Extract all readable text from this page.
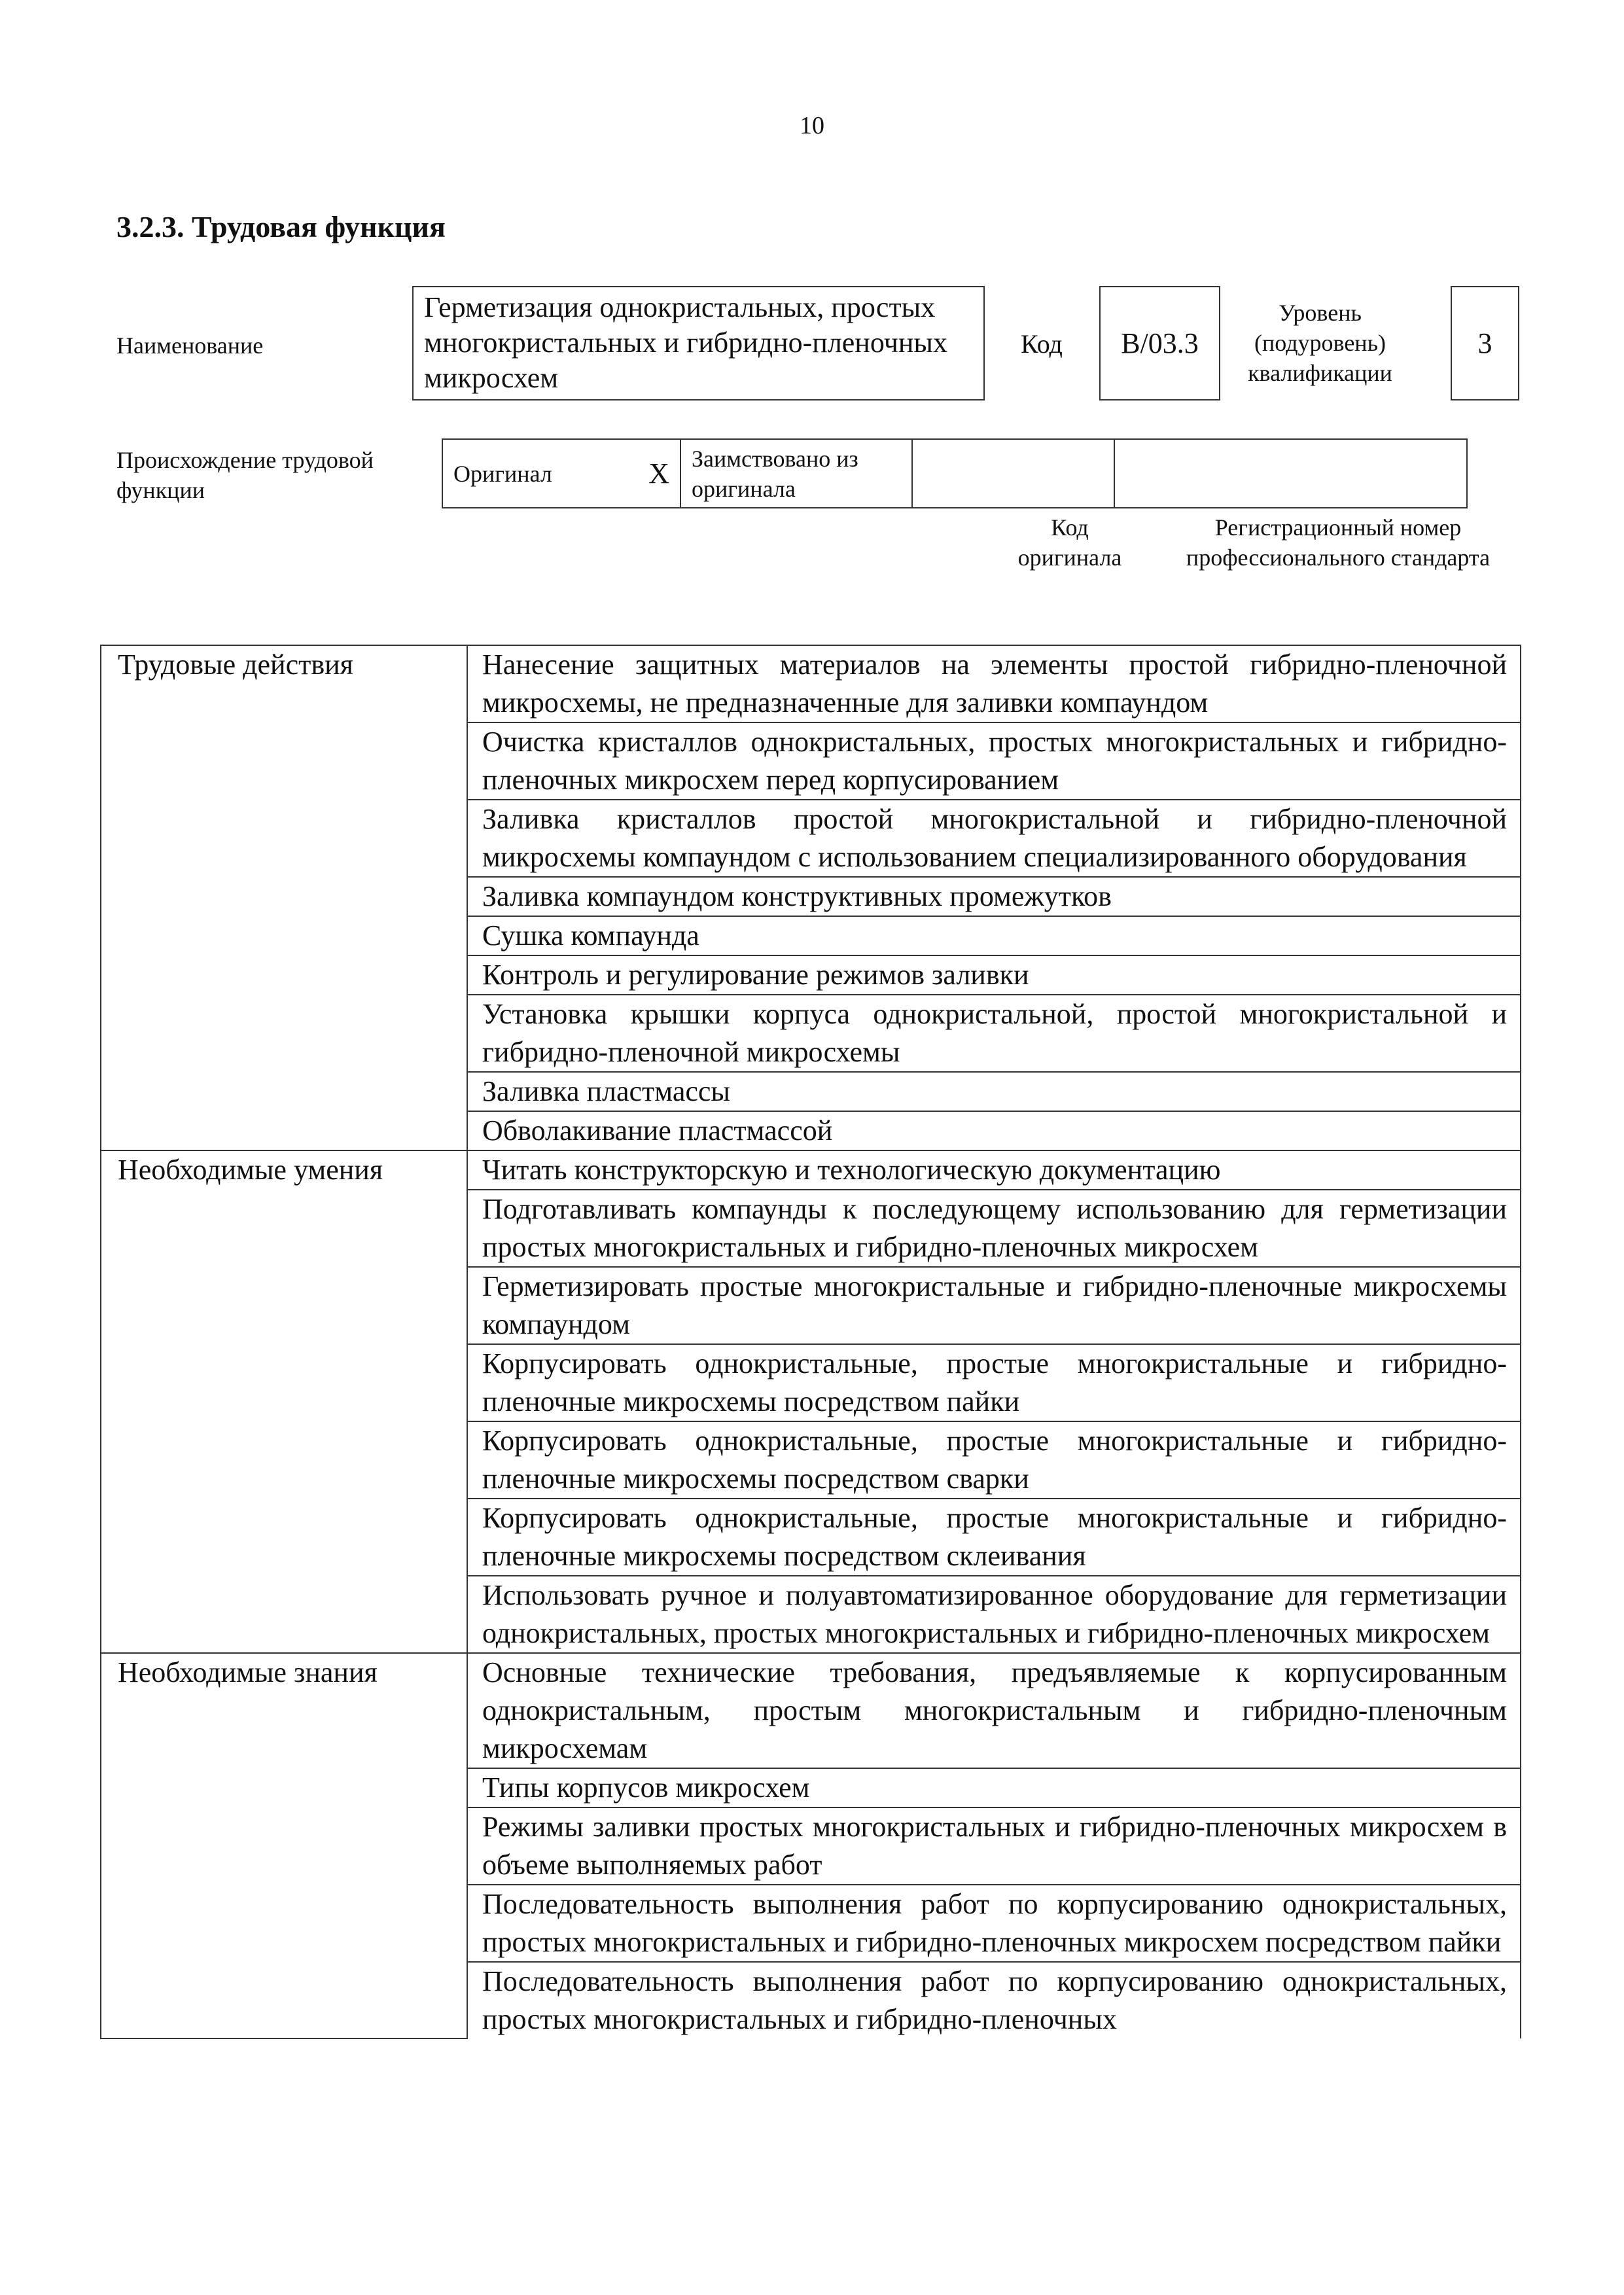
10
3.2.3. Трудовая функция
Наименование
Герметизация однокристальных, простых многокристальных и гибридно-пленочных микросхем
Код B/03.3
Уровень (подуровень) квалификации
3
Происхождение трудовой функции
Оригинал	X	Заимствовано из оригинала		
Код оригинала
Регистрационный номер профессионального стандарта
Трудовые действия	Нанесение защитных материалов на элементы простой гибридно-пленочной микросхемы, не предназначенные для заливки компаундом
	Очистка кристаллов однокристальных, простых многокристальных и гибридно-пленочных микросхем перед корпусированием
	Заливка кристаллов простой многокристальной и гибридно-пленочной микросхемы компаундом с использованием специализированного оборудования
	Заливка компаундом конструктивных промежутков
	Сушка компаунда
	Контроль и регулирование режимов заливки
	Установка крышки корпуса однокристальной, простой многокристальной и гибридно-пленочной микросхемы
	Заливка пластмассы
	Обволакивание пластмассой
Необходимые умения	Читать конструкторскую и технологическую документацию
	Подготавливать компаунды к последующему использованию для герметизации простых многокристальных и гибридно-пленочных микросхем
	Герметизировать простые многокристальные и гибридно-пленочные микросхемы компаундом
	Корпусировать однокристальные, простые многокристальные и гибридно-пленочные микросхемы посредством пайки
	Корпусировать однокристальные, простые многокристальные и гибридно-пленочные микросхемы посредством сварки
	Корпусировать однокристальные, простые многокристальные и гибридно-пленочные микросхемы посредством склеивания
	Использовать ручное и полуавтоматизированное оборудование для герметизации однокристальных, простых многокристальных и гибридно-пленочных микросхем
Необходимые знания	Основные технические требования, предъявляемые к корпусированным однокристальным, простым многокристальным и гибридно-пленочным микросхемам
	Типы корпусов микросхем
	Режимы заливки простых многокристальных и гибридно-пленочных микросхем в объеме выполняемых работ
	Последовательность выполнения работ по корпусированию однокристальных, простых многокристальных и гибридно-пленочных микросхем посредством пайки
	Последовательность выполнения работ по корпусированию однокристальных, простых многокристальных и гибридно-пленочных
